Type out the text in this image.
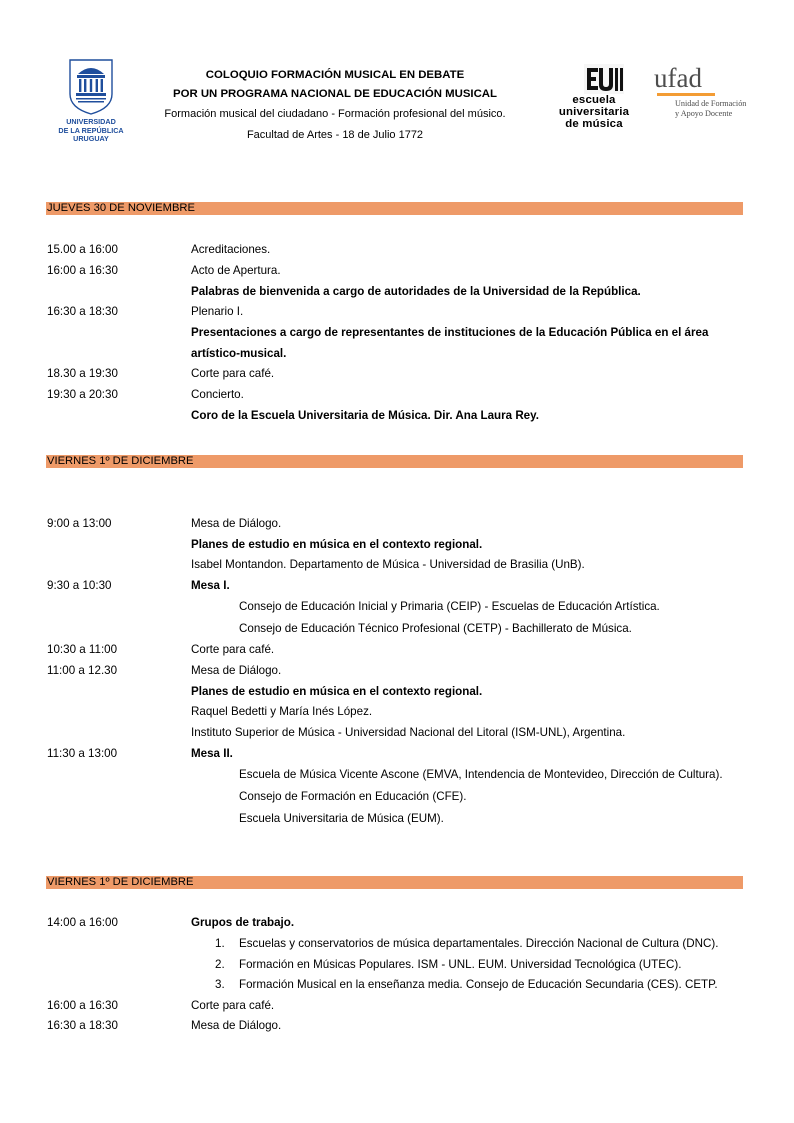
UNIVERSIDAD
DE LA REPÚBLICA
URUGUAY
COLOQUIO FORMACIÓN MUSICAL EN DEBATE
POR UN PROGRAMA NACIONAL DE EDUCACIÓN MUSICAL
Formación musical del ciudadano - Formación profesional del músico.
Facultad de Artes - 18 de Julio 1772
escuela
universitaria
de música
ufad
Unidad de Formación
y Apoyo Docente
JUEVES 30 DE NOVIEMBRE
15.00 a 16:00	Acreditaciones.
16:00 a 16:30	Acto de Apertura.
Palabras de bienvenida a cargo de autoridades de la Universidad de la República.
16:30 a 18:30	Plenario I.
Presentaciones a cargo de representantes de instituciones de la Educación Pública en el área
artístico-musical.
18.30 a 19:30	Corte para café.
19:30 a 20:30	Concierto.
Coro de la Escuela Universitaria de Música. Dir. Ana Laura Rey.
VIERNES 1º DE DICIEMBRE
9:00 a 13:00	Mesa de Diálogo.
Planes de estudio en música en el contexto regional.
Isabel Montandon. Departamento de Música - Universidad de Brasilia (UnB).
9:30 a 10:30	Mesa I.
Consejo de Educación Inicial y Primaria (CEIP) - Escuelas de Educación Artística.
Consejo de Educación Técnico Profesional (CETP) - Bachillerato de Música.
10:30 a 11:00	Corte para café.
11:00 a 12.30	Mesa de Diálogo.
Planes de estudio en música en el contexto regional.
Raquel Bedetti y María Inés López.
Instituto Superior de Música - Universidad Nacional del Litoral (ISM-UNL), Argentina.
11:30 a 13:00	Mesa II.
Escuela de Música Vicente Ascone (EMVA, Intendencia de Montevideo, Dirección de Cultura).
Consejo de Formación en Educación (CFE).
Escuela Universitaria de Música (EUM).
VIERNES 1º DE DICIEMBRE
14:00 a 16:00	Grupos de trabajo.
1. Escuelas y conservatorios de música departamentales. Dirección Nacional de Cultura (DNC).
2. Formación en Músicas Populares. ISM - UNL. EUM. Universidad Tecnológica (UTEC).
3. Formación Musical en la enseñanza media. Consejo de Educación Secundaria (CES). CETP.
16:00 a 16:30	Corte para café.
16:30 a 18:30	Mesa de Diálogo.
